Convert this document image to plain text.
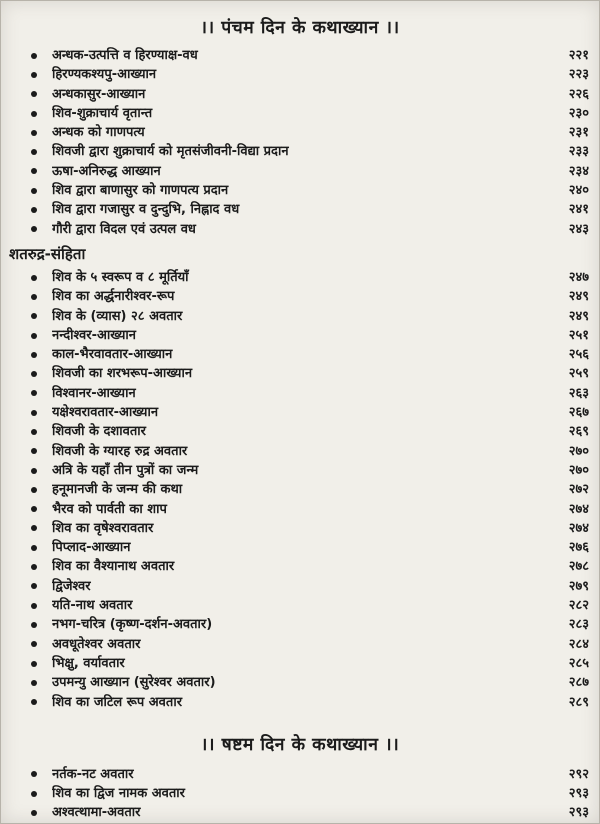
।। पंचम दिन के कथाख्यान ।।
अन्धक-उत्पत्ति व हिरण्याक्ष-वध	२२१
हिरण्यकश्यपु-आख्यान	२२३
अन्धकासुर-आख्यान	२२६
शिव-शुक्राचार्य वृतान्त	२३०
अन्धक को गाणपत्य	२३१
शिवजी द्वारा शुक्राचार्य को मृतसंजीवनी-विद्या प्रदान	२३३
ऊषा-अनिरुद्ध आख्यान	२३४
शिव द्वारा बाणासुर को गाणपत्य प्रदान	२४०
शिव द्वारा गजासुर व दुन्दुभि, निह्नाद वध	२४१
गौरी द्वारा विदल एवं उत्पल वध	२४३
शतरुद्र-संहिता
शिव के ५ स्वरूप व ८ मूर्तियाँ	२४७
शिव का अर्द्धनारीश्वर-रूप	२४९
शिव के (व्यास) २८ अवतार	२४९
नन्दीश्वर-आख्यान	२५१
काल-भैरवावतार-आख्यान	२५६
शिवजी का शरभरूप-आख्यान	२५९
विश्वानर-आख्यान	२६३
यक्षेश्वरावतार-आख्यान	२६७
शिवजी के दशावतार	२६९
शिवजी के ग्यारह रुद्र अवतार	२७०
अत्रि के यहाँ तीन पुत्रों का जन्म	२७०
हनूमानजी के जन्म की कथा	२७२
भैरव को पार्वती का शाप	२७४
शिव का वृषेश्वरावतार	२७४
पिप्लाद-आख्यान	२७६
शिव का वैश्यानाथ अवतार	२७८
द्विजेश्वर	२७९
यति-नाथ अवतार	२८२
नभग-चरित्र (कृष्ण-दर्शन-अवतार)	२८३
अवधूतेश्वर अवतार	२८४
भिक्षु, वर्यावतार	२८५
उपमन्यु आख्यान (सुरेश्वर अवतार)	२८७
शिव का जटिल रूप अवतार	२८९
।। षष्टम दिन के कथाख्यान ।।
नर्तक-नट अवतार	२९२
शिव का द्विज नामक अवतार	२९३
अश्वत्थामा-अवतार	२९३
